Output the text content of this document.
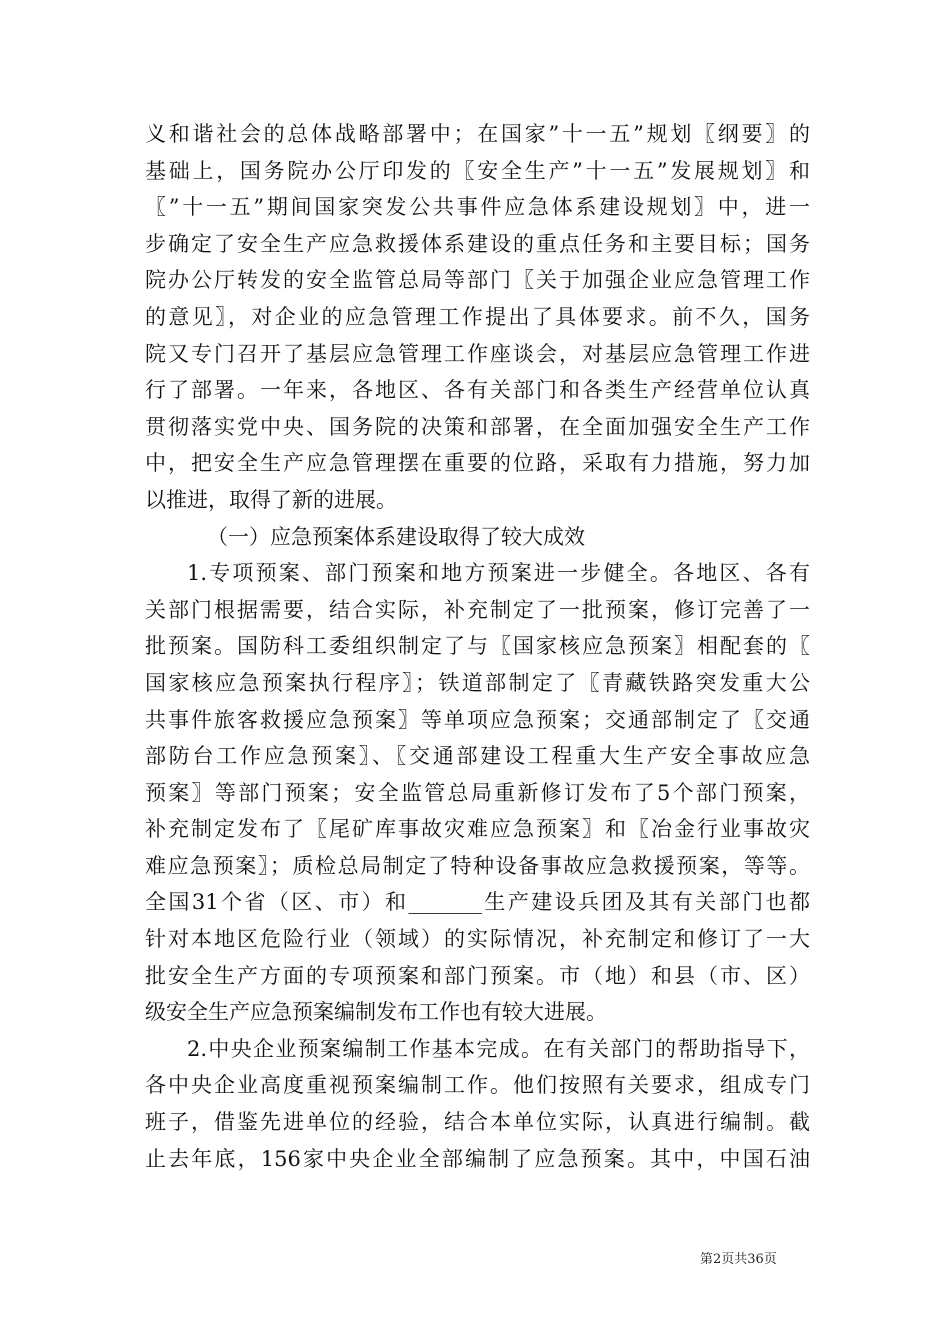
义和谐社会的总体战略部署中；在国家”十一五”规划〖纲要〗的
基础上，国务院办公厅印发的〖安全生产”十一五”发展规划〗和
〖”十一五”期间国家突发公共事件应急体系建设规划〗中，进一
步确定了安全生产应急救援体系建设的重点任务和主要目标；国务
院办公厅转发的安全监管总局等部门〖关于加强企业应急管理工作
的意见〗，对企业的应急管理工作提出了具体要求。前不久，国务
院又专门召开了基层应急管理工作座谈会，对基层应急管理工作进
行了部署。一年来，各地区、各有关部门和各类生产经营单位认真
贯彻落实党中央、国务院的决策和部署，在全面加强安全生产工作
中，把安全生产应急管理摆在重要的位路，采取有力措施，努力加
以推进，取得了新的进展。
（一）应急预案体系建设取得了较大成效
1.专项预案、部门预案和地方预案进一步健全。各地区、各有
关部门根据需要，结合实际，补充制定了一批预案，修订完善了一
批预案。国防科工委组织制定了与〖国家核应急预案〗相配套的〖
国家核应急预案执行程序〗；铁道部制定了〖青藏铁路突发重大公
共事件旅客救援应急预案〗等单项应急预案；交通部制定了〖交通
部防台工作应急预案〗、〖交通部建设工程重大生产安全事故应急
预案〗等部门预案；安全监管总局重新修订发布了5个部门预案，
补充制定发布了〖尾矿库事故灾难应急预案〗和〖冶金行业事故灾
难应急预案〗；质检总局制定了特种设备事故应急救援预案，等等。
全国31个省（区、市）和_______生产建设兵团及其有关部门也都
针对本地区危险行业（领域）的实际情况，补充制定和修订了一大
批安全生产方面的专项预案和部门预案。市（地）和县（市、区）
级安全生产应急预案编制发布工作也有较大进展。
2.中央企业预案编制工作基本完成。在有关部门的帮助指导下，
各中央企业高度重视预案编制工作。他们按照有关要求，组成专门
班子，借鉴先进单位的经验，结合本单位实际，认真进行编制。截
止去年底，156家中央企业全部编制了应急预案。其中，中国石油
第2页共36页
